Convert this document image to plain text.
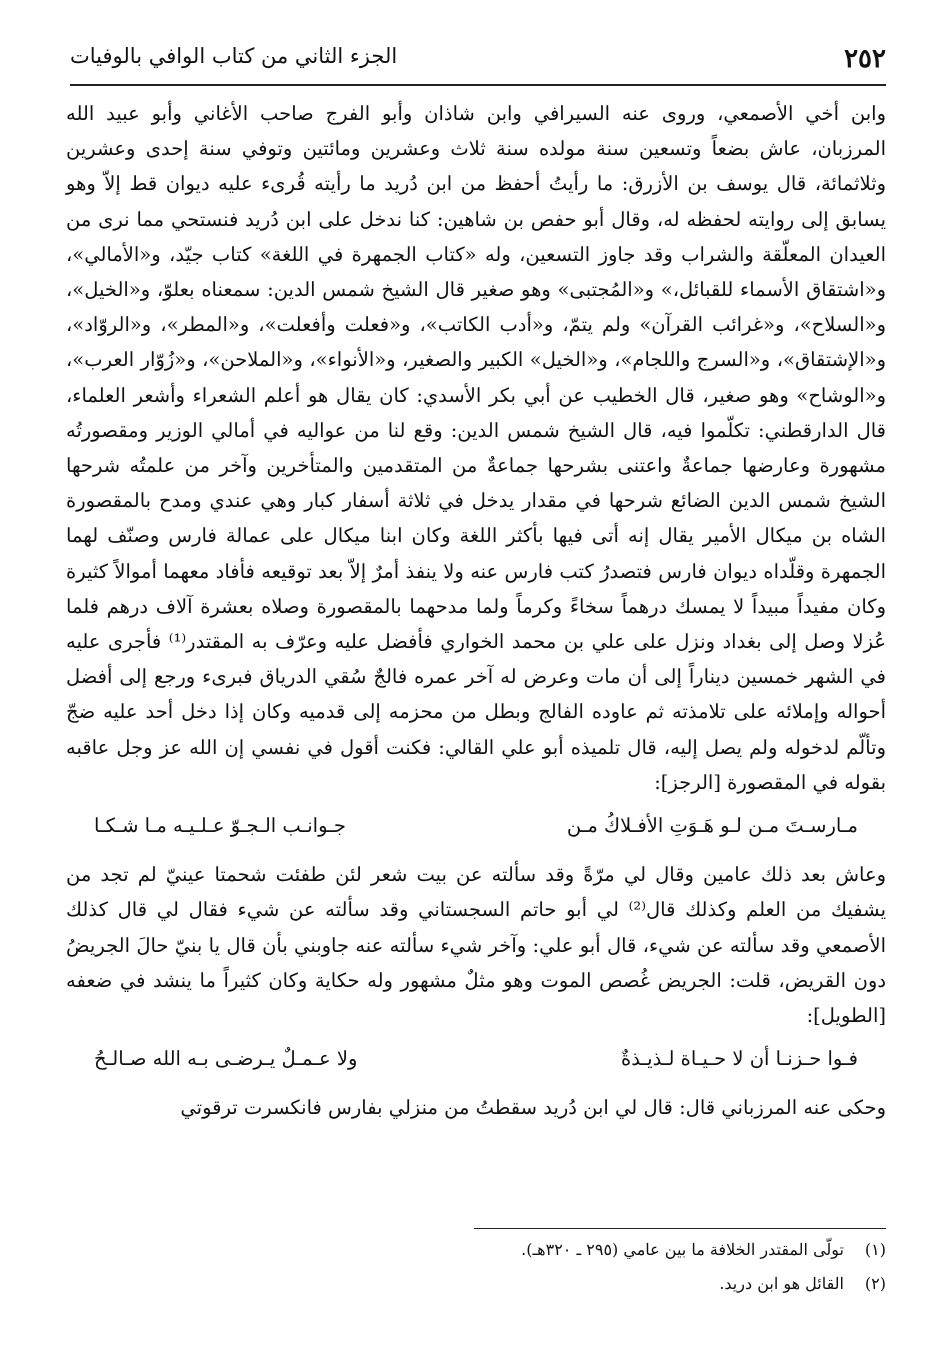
٢٥٢
الجزء الثاني من كتاب الوافي بالوفيات

وابن أخي الأصمعي، وروى عنه السيرافي وابن شاذان وأبو الفرج صاحب الأغاني وأبو عبيد الله المرزبان، عاش بضعاً وتسعين سنة مولده سنة ثلاث وعشرين ومائتين وتوفي سنة إحدى وعشرين وثلاثمائة، قال يوسف بن الأزرق: ما رأيتُ أحفظ من ابن دُريد ما رأيته قُرىء عليه ديوان قط إلاّ وهو يسابق إلى روايته لحفظه له، وقال أبو حفص بن شاهين: كنا ندخل على ابن دُريد فنستحي مما نرى من العيدان المعلّقة والشراب وقد جاوز التسعين، وله «كتاب الجمهرة في اللغة» كتاب جيّد، و«الأمالي»، و«اشتقاق الأسماء للقبائل،» و«المُجتبى» وهو صغير قال الشيخ شمس الدين: سمعناه بعلوّ، و«الخيل»، و«السلاح»، و«غرائب القرآن» ولم يتمّ، و«أدب الكاتب»، و«فعلت وأفعلت»، و«المطر»، و«الروّاد»، و«الإشتقاق»، و«السرج واللجام»، و«الخيل» الكبير والصغير، و«الأنواء»، و«الملاحن»، و«زُوّار العرب»، و«الوشاح» وهو صغير، قال الخطيب عن أبي بكر الأسدي: كان يقال هو أعلم الشعراء وأشعر العلماء، قال الدارقطني: تكلّموا فيه، قال الشيخ شمس الدين: وقع لنا من عواليه في أمالي الوزير ومقصورتُه مشهورة وعارضها جماعةٌ واعتنى بشرحها جماعةٌ من المتقدمين والمتأخرين وآخر من علمتُه شرحها الشيخ شمس الدين الضائع شرحها في مقدار يدخل في ثلاثة أسفار كبار وهي عندي ومدح بالمقصورة الشاه بن ميكال الأمير يقال إنه أتى فيها بأكثر اللغة وكان ابنا ميكال على عمالة فارس وصنّف لهما الجمهرة وقلّداه ديوان فارس فتصدرُ كتب فارس عنه ولا ينفذ أمرٌ إلاّ بعد توقيعه فأفاد معهما أموالاً كثيرة وكان مفيداً مبيداً لا يمسك درهماً سخاءً وكرماً ولما مدحهما بالمقصورة وصلاه بعشرة آلاف درهم فلما عُزلا وصل إلى بغداد ونزل على علي بن محمد الخواري فأفضل عليه وعرّف به المقتدر⁽¹⁾ فأجرى عليه في الشهر خمسين ديناراً إلى أن مات وعرض له آخر عمره فالجٌ سُقي الدرياق فبرىء ورجع إلى أفضل أحواله وإملائه على تلامذته ثم عاوده الفالج وبطل من محزمه إلى قدميه وكان إذا دخل أحد عليه ضجّ وتألّم لدخوله ولم يصل إليه، قال تلميذه أبو علي القالي: فكنت أقول في نفسي إن الله عز وجل عاقبه بقوله في المقصورة [الرجز]:

مـارسـتَ مـن لـو هَـوَتِ الأفـلاكُ مـن
جـوانـب الـجـوّ عـلـيـه مـا شـكـا

وعاش بعد ذلك عامين وقال لي مرّةً وقد سألته عن بيت شعر لئن طفئت شحمتا عينيّ لم تجد من يشفيك من العلم وكذلك قال⁽²⁾ لي أبو حاتم السجستاني وقد سألته عن شيء فقال لي قال كذلك الأصمعي وقد سألته عن شيء، قال أبو علي: وآخر شيء سألته عنه جاوبني بأن قال يا بنيّ حالَ الجريضُ دون القريض، قلت: الجريض غُصص الموت وهو مثلٌ مشهور وله حكاية وكان كثيراً ما ينشد في ضعفه [الطويل]:

فـوا حـزنـا أن لا حـيـاة لـذيـذةٌ
ولا عـمـلٌ يـرضـى بـه الله صـالـحُ

وحكى عنه المرزباني قال: قال لي ابن دُريد سقطتُ من منزلي بفارس فانكسرت ترقوتي

(١)تولّى المقتدر الخلافة ما بين عامي (٢٩٥ ـ ٣٢٠هـ).
(٢)القائل هو ابن دريد.
